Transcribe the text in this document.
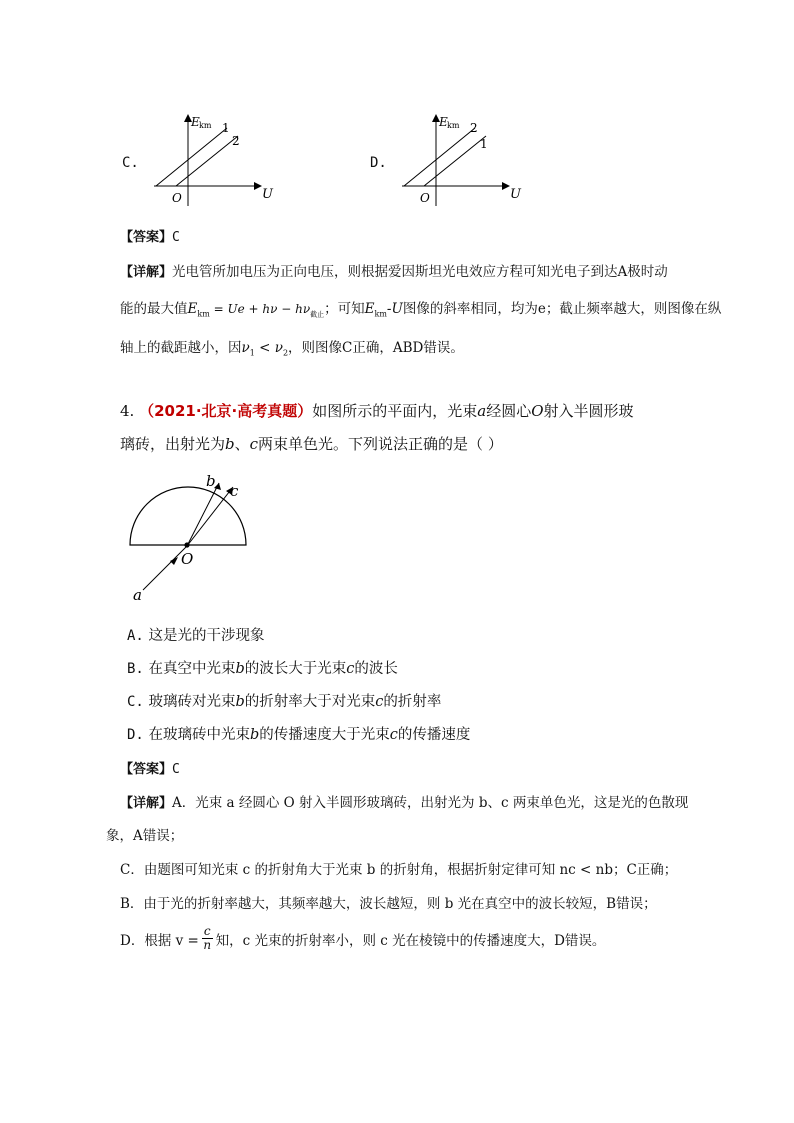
C.
E km 1
2
O	U
D.
E km 2
1
O	U
【答案】C
【详解】光电管所加电压为正向电压，则根据爱因斯坦光电效应方程可知光电子到达A极时动
能的最大值$E_{km} = Ue + h\nu - h\nu_{截止}$；可知$E_{km}-U$图像的斜率相同，均为e；截止频率越大，则图像在纵
轴上的截距越小，因$\nu_1 < \nu_2$，则图像C正确，ABD错误。
4. （2021·北京·高考真题）如图所示的平面内，光束a经圆心O射入半圆形玻
璃砖，出射光为b、c两束单色光。下列说法正确的是（ ）
a
b
c
O
A. 这是光的干涉现象
B. 在真空中光束b的波长大于光束c的波长
C. 玻璃砖对光束b的折射率大于对光束c的折射率
D. 在玻璃砖中光束b的传播速度大于光束c的传播速度
【答案】C
【详解】A．光束 a 经圆心 O 射入半圆形玻璃砖，出射光为 b、c 两束单色光，这是光的色散现
象，A错误；
C．由题图可知光束 c 的折射角大于光束 b 的折射角，根据折射定律可知 nc < nb；C正确；
B．由于光的折射率越大，其频率越大，波长越短，则 b 光在真空中的波长较短，B错误；
D．根据 $v = \frac{c}{n}$ 知，c 光束的折射率小，则 c 光在棱镜中的传播速度大，D错误。
